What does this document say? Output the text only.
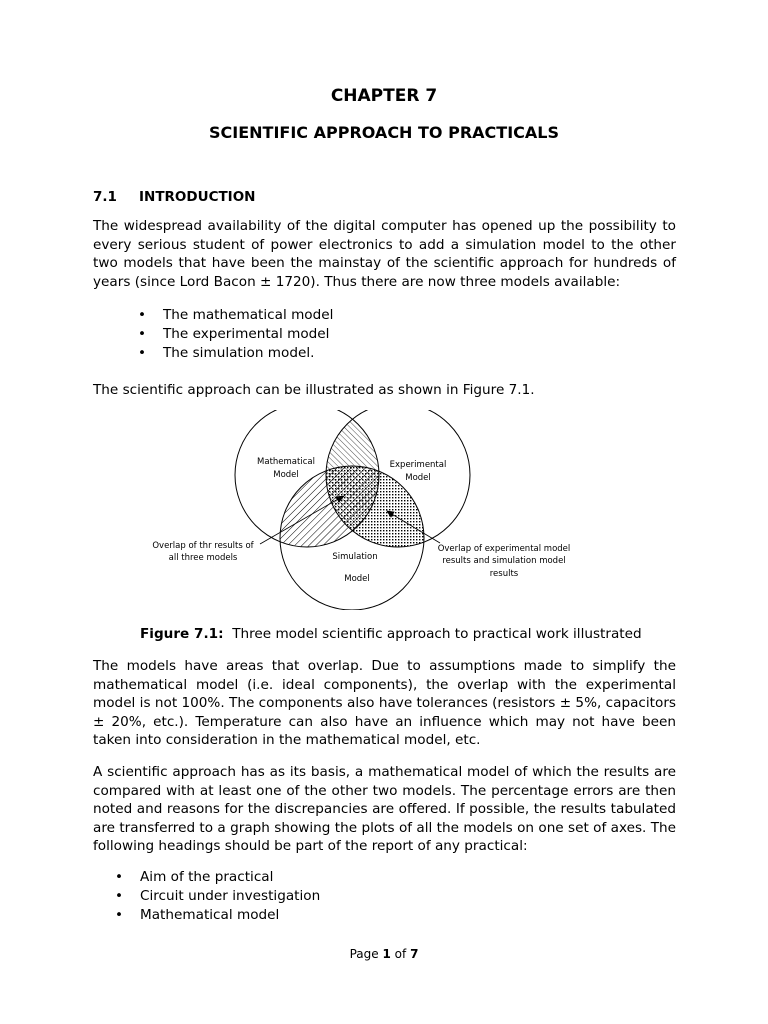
CHAPTER 7
SCIENTIFIC APPROACH TO PRACTICALS
7.1 INTRODUCTION

The widespread availability of the digital computer has opened up the possibility to every serious student of power electronics to add a simulation model to the other two models that have been the mainstay of the scientific approach for hundreds of years (since Lord Bacon ± 1720). Thus there are now three models available:

• The mathematical model
• The experimental model
• The simulation model.

The scientific approach can be illustrated as shown in Figure 7.1.

Mathematical
Model
Experimental
Model
Simulation
Model
Overlap of thr results of
all three models
Overlap of experimental model
results and simulation model
results
Figure 7.1: Three model scientific approach to practical work illustrated

The models have areas that overlap. Due to assumptions made to simplify the mathematical model (i.e. ideal components), the overlap with the experimental model is not 100%. The components also have tolerances (resistors ± 5%, capacitors ± 20%, etc.). Temperature can also have an influence which may not have been taken into consideration in the mathematical model, etc.

A scientific approach has as its basis, a mathematical model of which the results are compared with at least one of the other two models. The percentage errors are then noted and reasons for the discrepancies are offered. If possible, the results tabulated are transferred to a graph showing the plots of all the models on one set of axes. The following headings should be part of the report of any practical:

• Aim of the practical
• Circuit under investigation
• Mathematical model
Page 1 of 7
